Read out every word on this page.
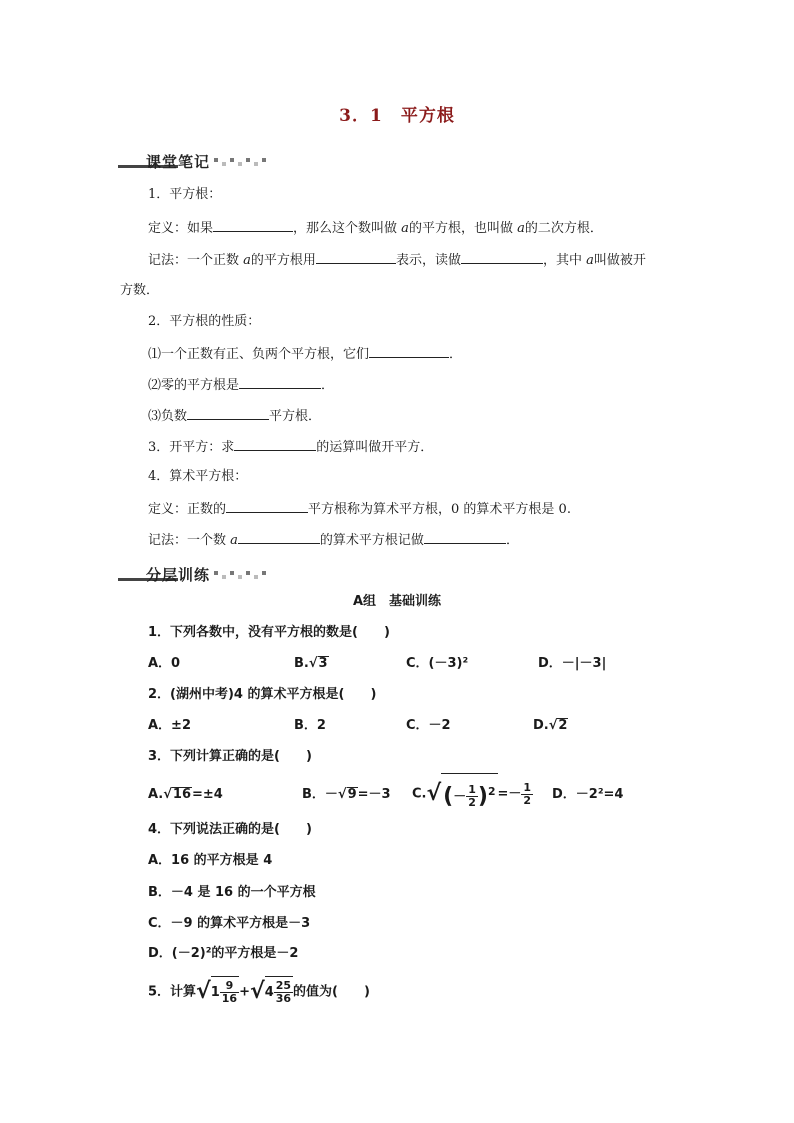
3．1　平方根
课堂笔记
1．平方根：
定义：如果	，那么这个数叫做 a的平方根，也叫做 a的二次方根．
记法：一个正数 a的平方根用	表示，读做	，其中 a叫做被开
方数．
2．平方根的性质：
⑴一个正数有正、负两个平方根，它们	．
⑵零的平方根是	．
⑶负数	平方根．
3．开平方：求	的运算叫做开平方．
4．算术平方根：
定义：正数的	平方根称为算术平方根，0 的算术平方根是 0.
记法：一个数 a	的算术平方根记做	．
分层训练
A组　基础训练
1．下列各数中，没有平方根的数是(　　)
A．0	B.√3	C．(－3)²	D．－|－3|
2．(湖州中考)4 的算术平方根是(　　)
A．±2	B．2	C．－2	D.√2
3．下列计算正确的是(　　)
A.√16=±4	B．－√9=－3 $C.√(- \frac{1}{2} )^2 =- \frac{1}{2}$ D．－2²=4
4．下列说法正确的是(　　)
A．16 的平方根是 4
B．－4 是 16 的一个平方根
C．－9 的算术平方根是－3
D．(－2)²的平方根是－2
5．计算$√1 \frac{9}{16} +√4 \frac{25}{36}$ 的值为(　　)
